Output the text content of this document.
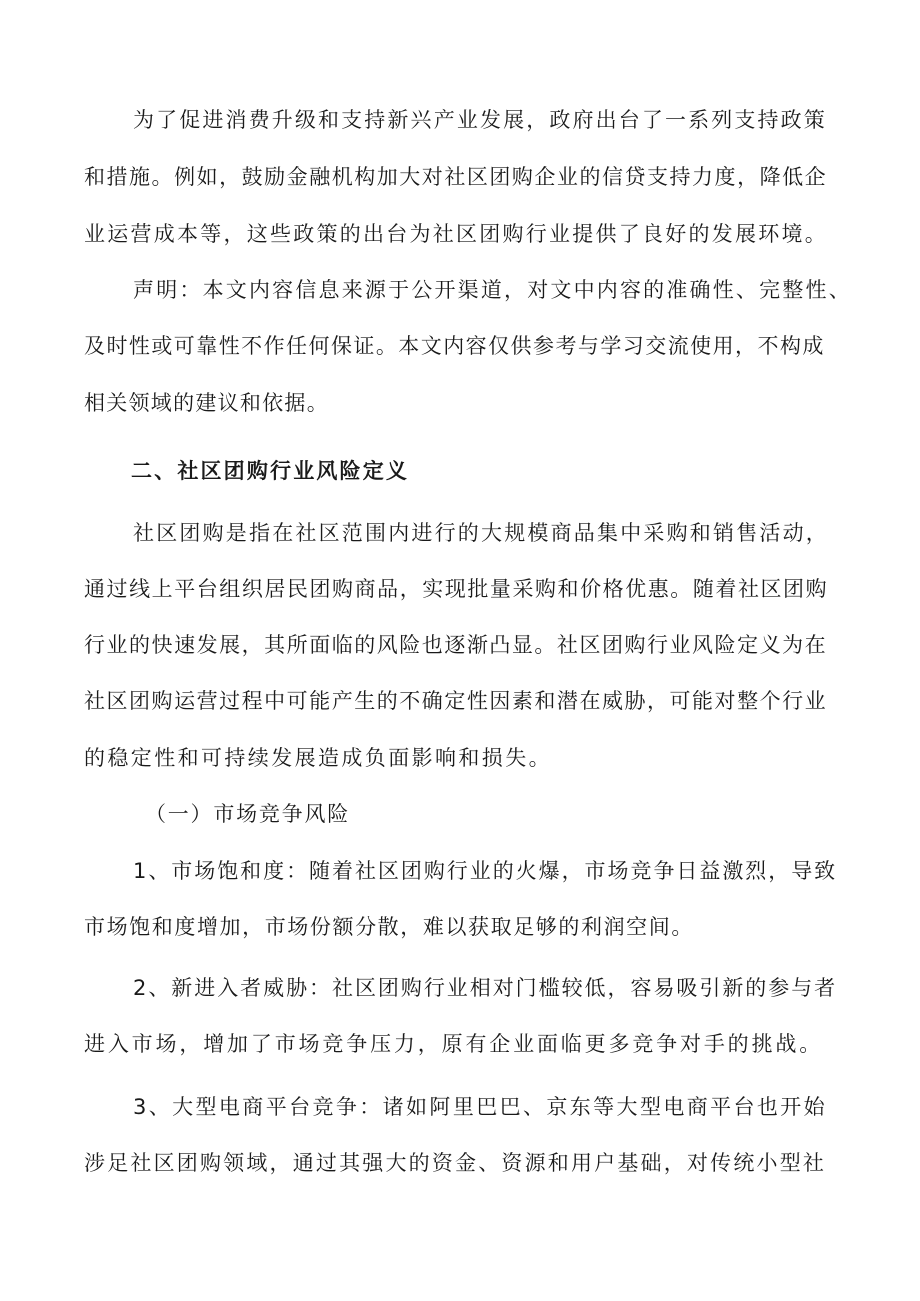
为了促进消费升级和支持新兴产业发展，政府出台了一系列支持政策
和措施。例如，鼓励金融机构加大对社区团购企业的信贷支持力度，降低企
业运营成本等，这些政策的出台为社区团购行业提供了良好的发展环境。
声明：本文内容信息来源于公开渠道，对文中内容的准确性、完整性、
及时性或可靠性不作任何保证。本文内容仅供参考与学习交流使用，不构成
相关领域的建议和依据。
二、社区团购行业风险定义
社区团购是指在社区范围内进行的大规模商品集中采购和销售活动，
通过线上平台组织居民团购商品，实现批量采购和价格优惠。随着社区团购
行业的快速发展，其所面临的风险也逐渐凸显。社区团购行业风险定义为在
社区团购运营过程中可能产生的不确定性因素和潜在威胁，可能对整个行业
的稳定性和可持续发展造成负面影响和损失。
（一）市场竞争风险
1、市场饱和度：随着社区团购行业的火爆，市场竞争日益激烈，导致
市场饱和度增加，市场份额分散，难以获取足够的利润空间。
2、新进入者威胁：社区团购行业相对门槛较低，容易吸引新的参与者
进入市场，增加了市场竞争压力，原有企业面临更多竞争对手的挑战。
3、大型电商平台竞争：诸如阿里巴巴、京东等大型电商平台也开始
涉足社区团购领域，通过其强大的资金、资源和用户基础，对传统小型社
